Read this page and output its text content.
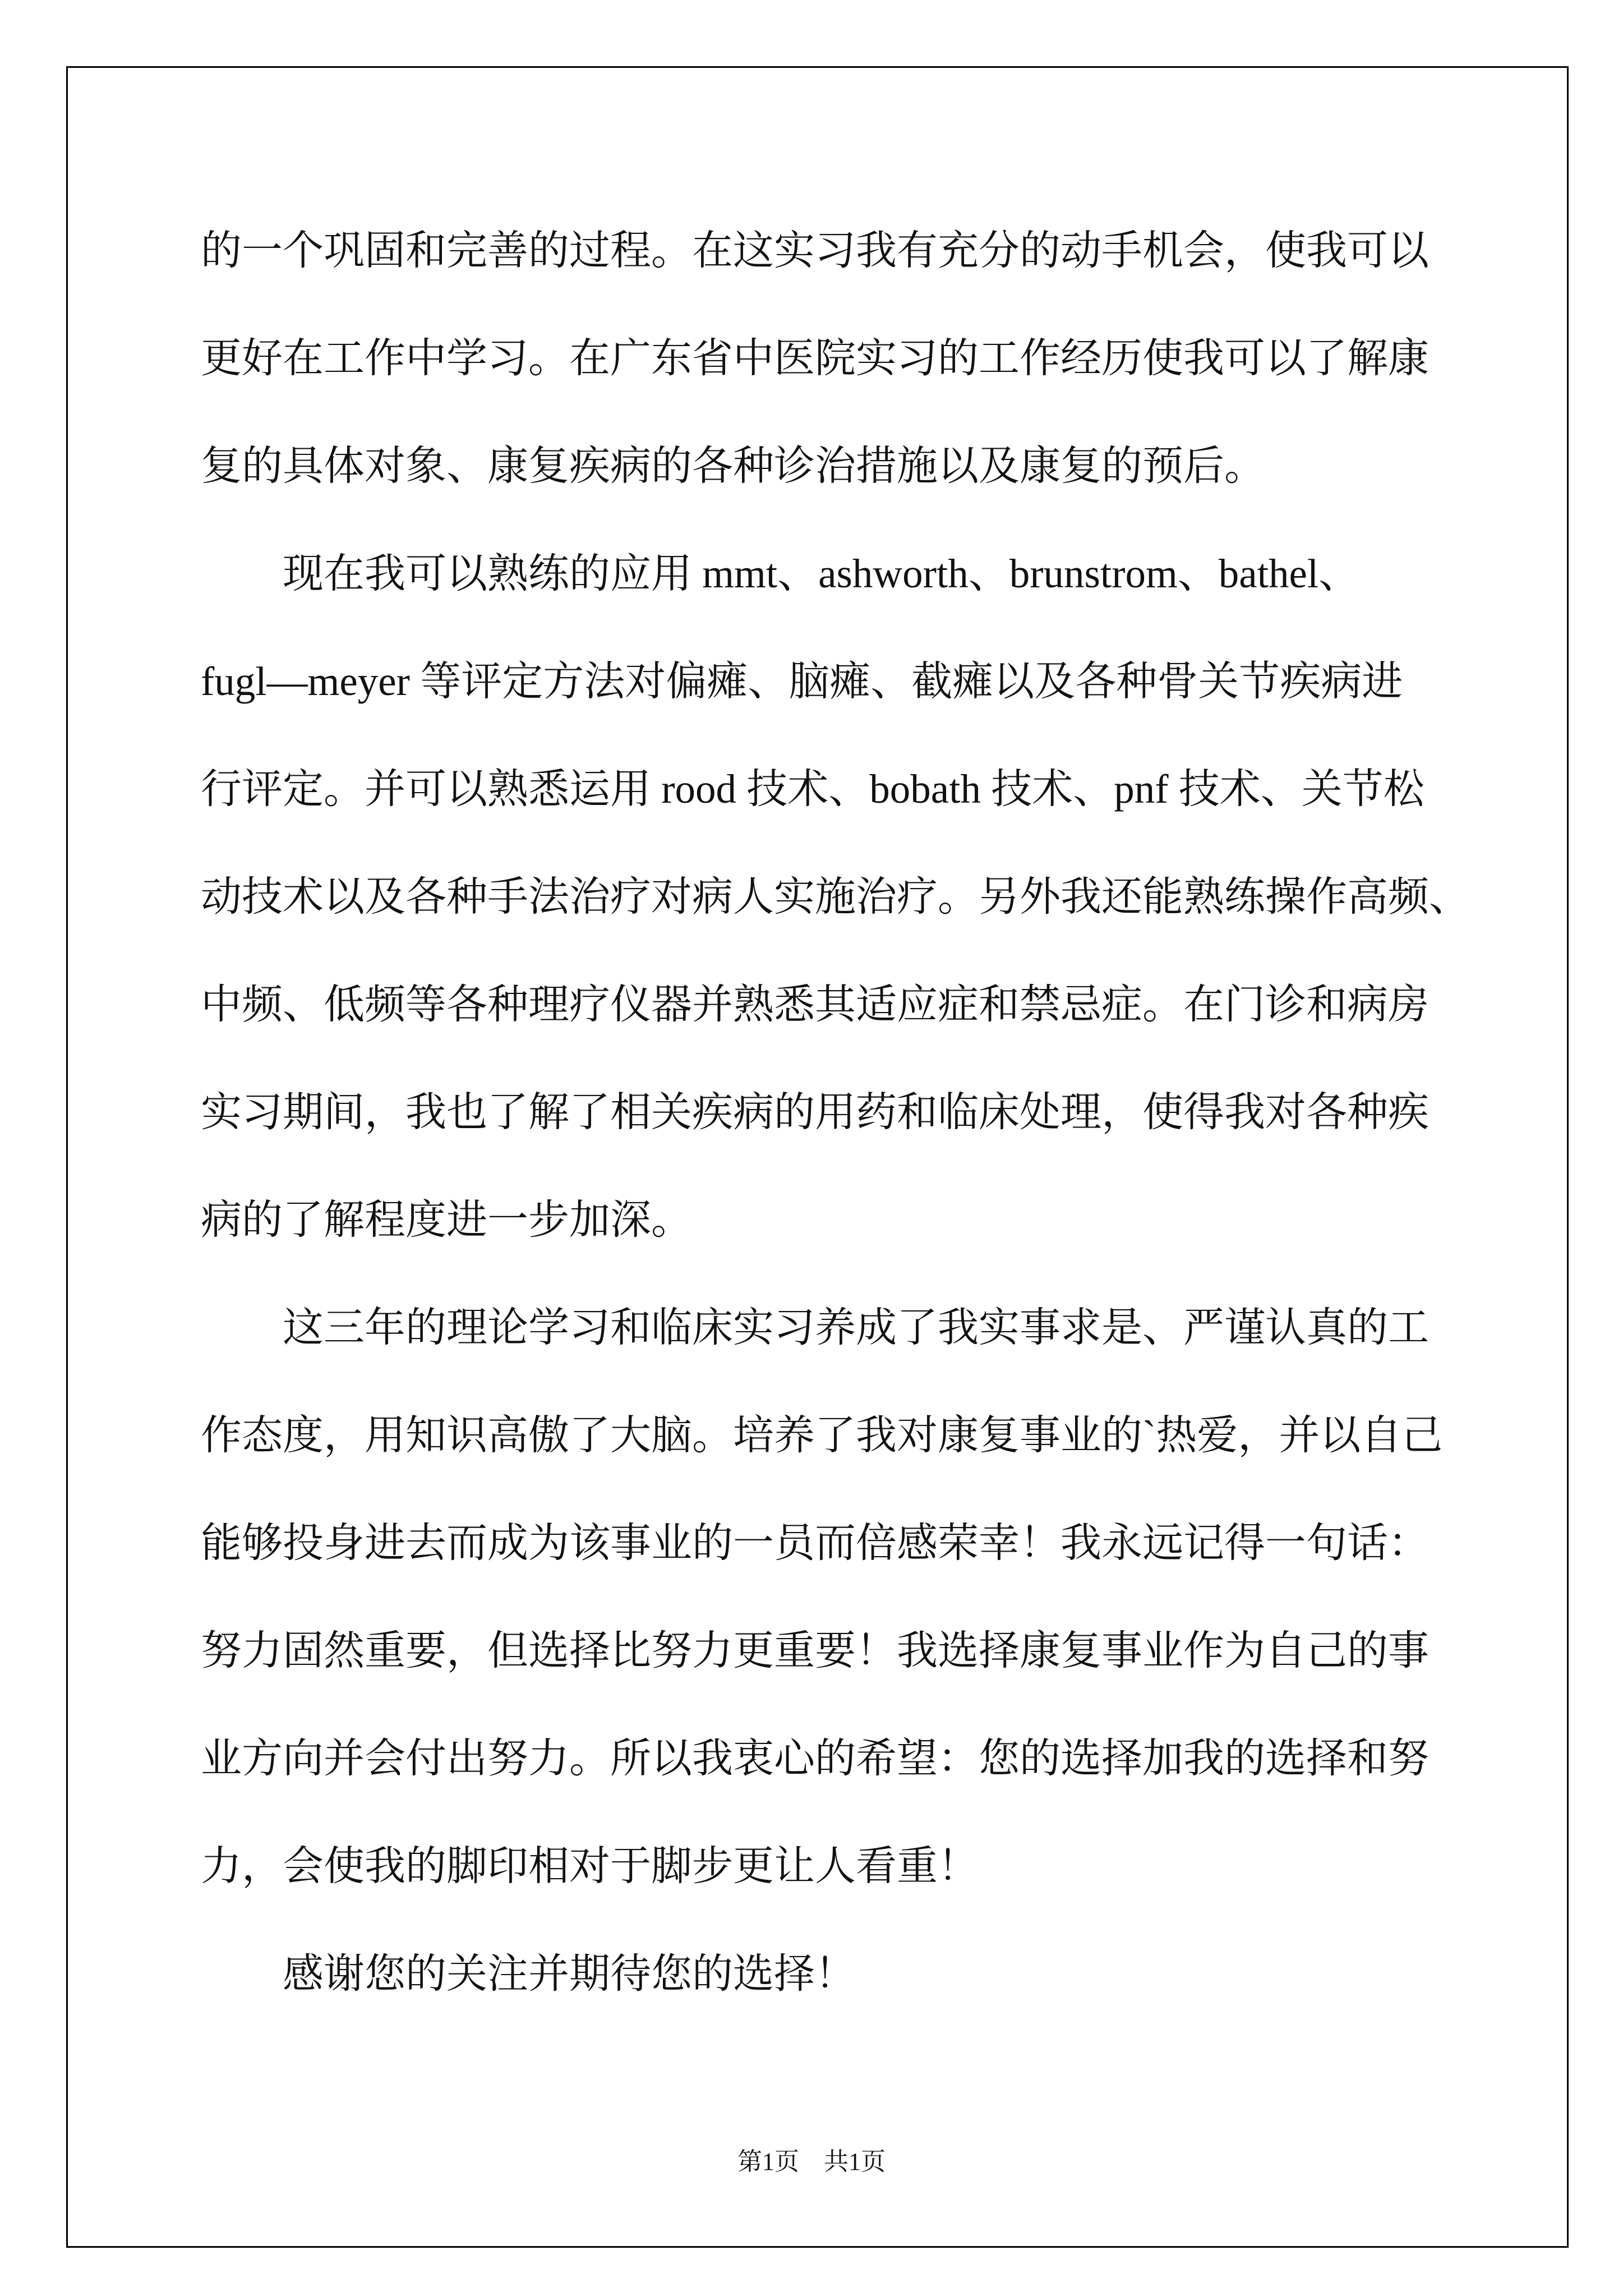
的一个巩固和完善的过程。在这实习我有充分的动手机会，使我可以
更好在工作中学习。在广东省中医院实习的工作经历使我可以了解康
复的具体对象、康复疾病的各种诊治措施以及康复的预后。
现在我可以熟练的应用 mmt、ashworth、brunstrom、bathel、
fugl—meyer 等评定方法对偏瘫、脑瘫、截瘫以及各种骨关节疾病进
行评定。并可以熟悉运用 rood 技术、bobath 技术、pnf 技术、关节松
动技术以及各种手法治疗对病人实施治疗。另外我还能熟练操作高频、
中频、低频等各种理疗仪器并熟悉其适应症和禁忌症。在门诊和病房
实习期间，我也了解了相关疾病的用药和临床处理，使得我对各种疾
病的了解程度进一步加深。
这三年的理论学习和临床实习养成了我实事求是、严谨认真的工
作态度，用知识高傲了大脑。培养了我对康复事业的`热爱，并以自己
能够投身进去而成为该事业的一员而倍感荣幸！我永远记得一句话：
努力固然重要，但选择比努力更重要！我选择康复事业作为自己的事
业方向并会付出努力。所以我衷心的希望：您的选择加我的选择和努
力，会使我的脚印相对于脚步更让人看重！
感谢您的关注并期待您的选择！
第1页 共1页
